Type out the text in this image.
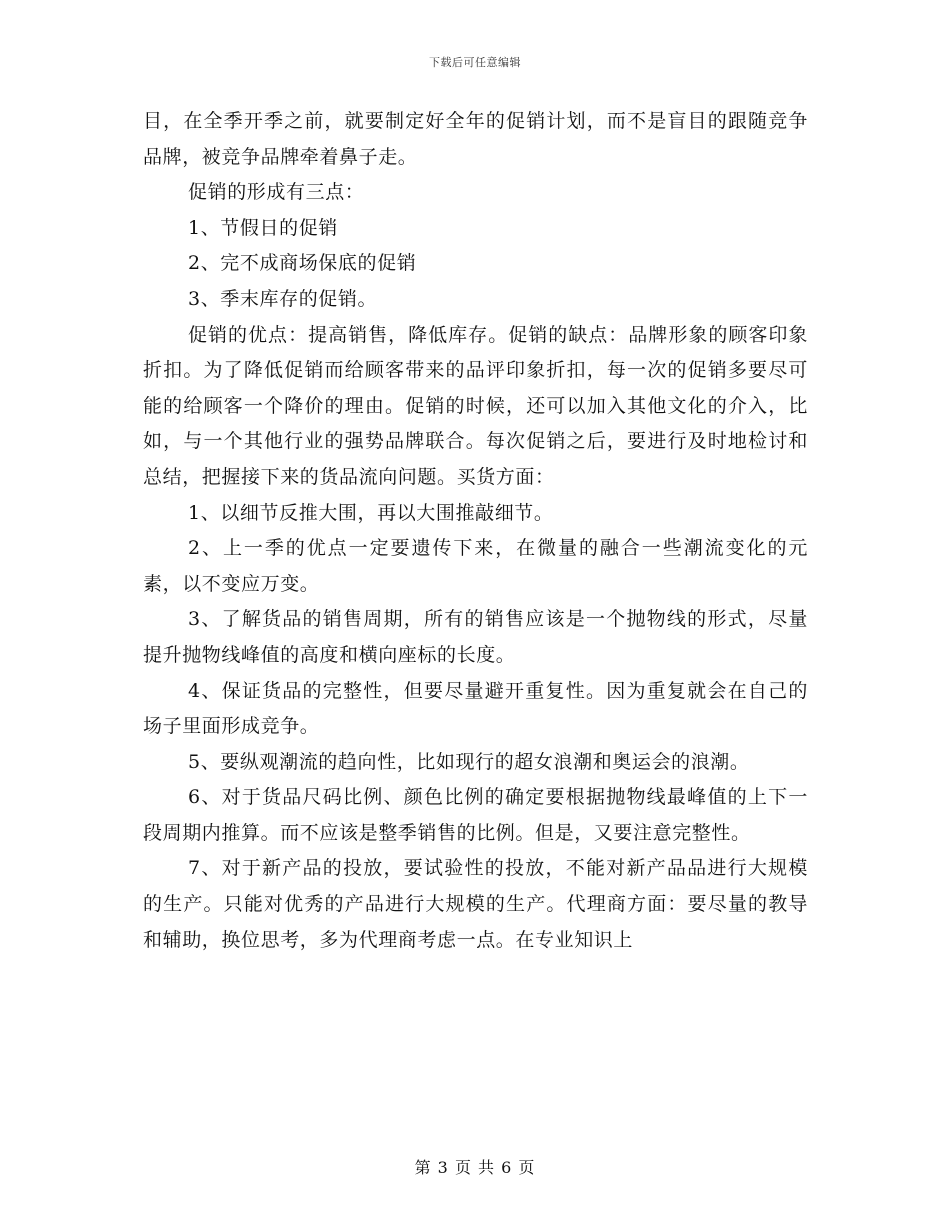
下载后可任意编辑

目，在全季开季之前，就要制定好全年的促销计划，而不是盲目的跟随竞争品牌，被竞争品牌牵着鼻子走。

促销的形成有三点：

1、节假日的促销

2、完不成商场保底的促销

3、季末库存的促销。

促销的优点：提高销售，降低库存。促销的缺点：品牌形象的顾客印象折扣。为了降低促销而给顾客带来的品评印象折扣，每一次的促销多要尽可能的给顾客一个降价的理由。促销的时候，还可以加入其他文化的介入，比如，与一个其他行业的强势品牌联合。每次促销之后，要进行及时地检讨和总结，把握接下来的货品流向问题。买货方面：

1、以细节反推大围，再以大围推敲细节。

2、上一季的优点一定要遗传下来，在微量的融合一些潮流变化的元素，以不变应万变。

3、了解货品的销售周期，所有的销售应该是一个抛物线的形式，尽量提升抛物线峰值的高度和横向座标的长度。

4、保证货品的完整性，但要尽量避开重复性。因为重复就会在自己的场子里面形成竞争。

5、要纵观潮流的趋向性，比如现行的超女浪潮和奥运会的浪潮。

6、对于货品尺码比例、颜色比例的确定要根据抛物线最峰值的上下一段周期内推算。而不应该是整季销售的比例。但是，又要注意完整性。

7、对于新产品的投放，要试验性的投放，不能对新产品品进行大规模的生产。只能对优秀的产品进行大规模的生产。代理商方面：要尽量的教导和辅助，换位思考，多为代理商考虑一点。在专业知识上

第 3 页 共 6 页
